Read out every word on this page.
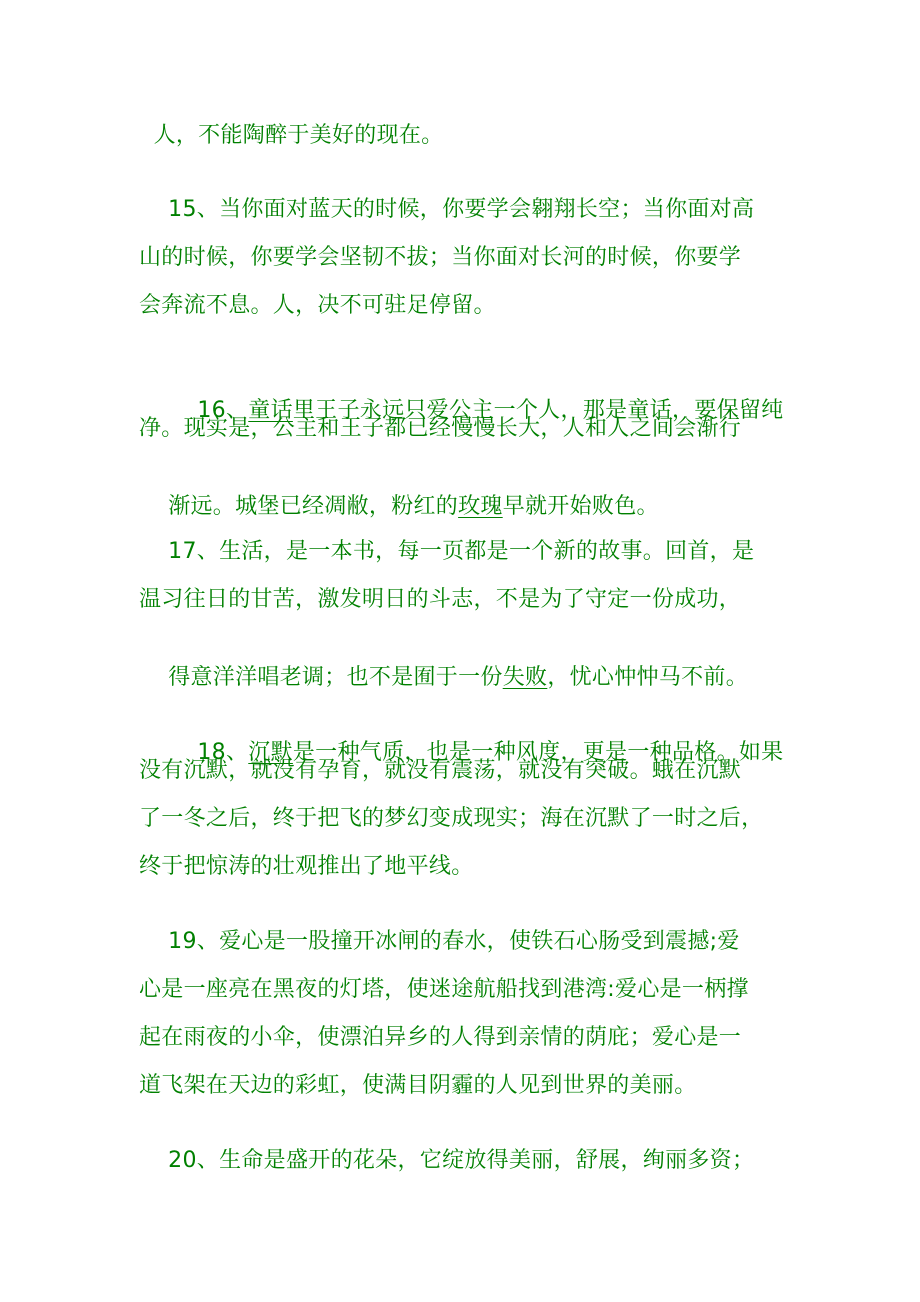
人，不能陶醉于美好的现在。
15、当你面对蓝天的时候，你要学会翱翔长空；当你面对高
山的时候，你要学会坚韧不拔；当你面对长河的时候，你要学
会奔流不息。人，决不可驻足停留。

16、童话里王子永远只爱公主一个人，那是童话，要保留纯

净。现实是，公主和王子都已经慢慢长大，人和人之间会渐行

渐远。城堡已经凋敝，粉红的玫瑰早就开始败色。

17、生活，是一本书，每一页都是一个新的故事。回首，是
温习往日的甘苦，激发明日的斗志，不是为了守定一份成功，

得意洋洋唱老调；也不是囿于一份失败，忧心忡忡马不前。

18、沉默是一种气质，也是一种风度，更是一种品格。如果

没有沉默，就没有孕育，就没有震荡，就没有突破。蛾在沉默
了一冬之后，终于把飞的梦幻变成现实；海在沉默了一时之后，
终于把惊涛的壮观推出了地平线。
19、爱心是一股撞开冰闸的春水，使铁石心肠受到震撼;爱
心是一座亮在黑夜的灯塔，使迷途航船找到港湾:爱心是一柄撑
起在雨夜的小伞，使漂泊异乡的人得到亲情的荫庇；爱心是一
道飞架在天边的彩虹，使满目阴霾的人见到世界的美丽。
20、生命是盛开的花朵，它绽放得美丽，舒展，绚丽多资；
